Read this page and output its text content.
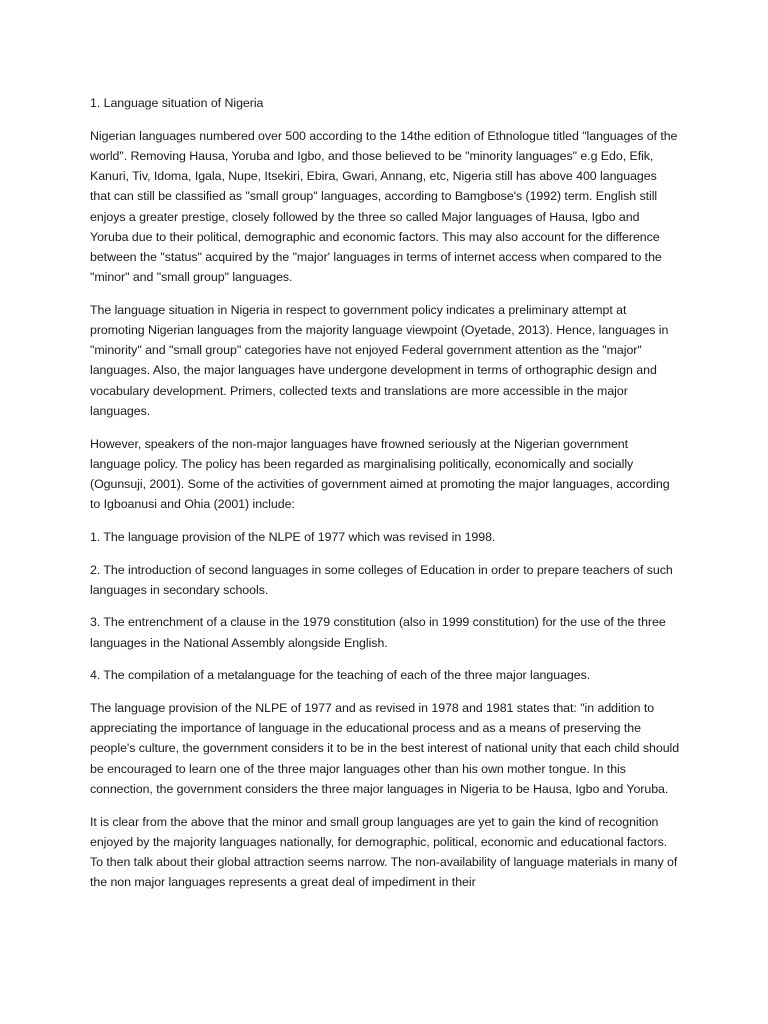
1. Language situation of Nigeria

Nigerian languages numbered over 500 according to the 14the edition of Ethnologue titled "languages of the world". Removing Hausa, Yoruba and Igbo, and those believed to be "minority languages" e.g Edo, Efik, Kanuri, Tiv, Idoma, Igala, Nupe, Itsekiri, Ebira, Gwari, Annang, etc, Nigeria still has above 400 languages that can still be classified as "small group" languages, according to Bamgbose's (1992) term. English still enjoys a greater prestige, closely followed by the three so called Major languages of Hausa, Igbo and Yoruba due to their political, demographic and economic factors. This may also account for the difference between the "status" acquired by the "major' languages in terms of internet access when compared to the "minor" and "small group" languages.

The language situation in Nigeria in respect to government policy indicates a preliminary attempt at promoting Nigerian languages from the majority language viewpoint (Oyetade, 2013). Hence, languages in "minority" and "small group" categories have not enjoyed Federal government attention as the "major" languages. Also, the major languages have undergone development in terms of orthographic design and vocabulary development. Primers, collected texts and translations are more accessible in the major languages.

However, speakers of the non-major languages have frowned seriously at the Nigerian government language policy. The policy has been regarded as marginalising politically, economically and socially (Ogunsuji, 2001). Some of the activities of government aimed at promoting the major languages, according to Igboanusi and Ohia (2001) include:

1. The language provision of the NLPE of 1977 which was revised in 1998.

2. The introduction of second languages in some colleges of Education in order to prepare teachers of such languages in secondary schools.

3. The entrenchment of a clause in the 1979 constitution (also in 1999 constitution) for the use of the three languages in the National Assembly alongside English.

4. The compilation of a metalanguage for the teaching of each of the three major languages.

The language provision of the NLPE of 1977 and as revised in 1978 and 1981 states that: "in addition to appreciating the importance of language in the educational process and as a means of preserving the people's culture, the government considers it to be in the best interest of national unity that each child should be encouraged to learn one of the three major languages other than his own mother tongue. In this connection, the government considers the three major languages in Nigeria to be Hausa, Igbo and Yoruba.

It is clear from the above that the minor and small group languages are yet to gain the kind of recognition enjoyed by the majority languages nationally, for demographic, political, economic and educational factors. To then talk about their global attraction seems narrow. The non-availability of language materials in many of the non major languages represents a great deal of impediment in their
